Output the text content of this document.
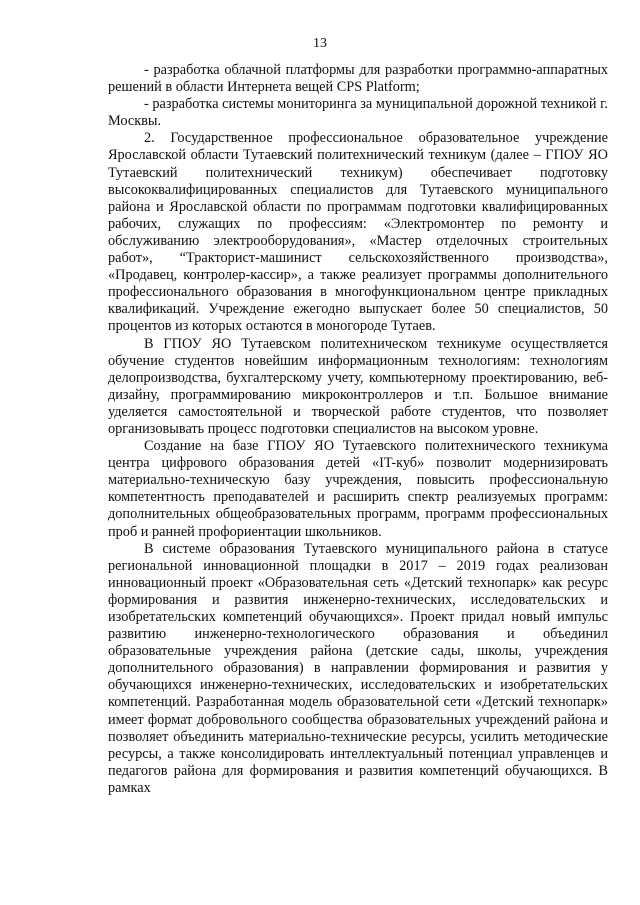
13

- разработка облачной платформы для разработки программно-аппаратных решений в области Интернета вещей CPS Platform;

- разработка системы мониторинга за муниципальной дорожной техникой г. Москвы.

2. Государственное профессиональное образовательное учреждение Ярославской области Тутаевский политехнический техникум (далее – ГПОУ ЯО Тутаевский политехнический техникум) обеспечивает подготовку высококвалифицированных специалистов для Тутаевского муниципального района и Ярославской области по программам подготовки квалифицированных рабочих, служащих по профессиям: «Электромонтер по ремонту и обслуживанию электрооборудования», «Мастер отделочных строительных работ», “Тракторист-машинист сельскохозяйственного производства», «Продавец, контролер-кассир», а также реализует программы дополнительного профессионального образования в многофункциональном центре прикладных квалификаций. Учреждение ежегодно выпускает более 50 специалистов, 50 процентов из которых остаются в моногороде Тутаев.

В ГПОУ ЯО Тутаевском политехническом техникуме осуществляется обучение студентов новейшим информационным технологиям: технологиям делопроизводства, бухгалтерскому учету, компьютерному проектированию, веб-дизайну, программированию микроконтроллеров и т.п. Большое внимание уделяется самостоятельной и творческой работе студентов, что позволяет организовывать процесс подготовки специалистов на высоком уровне.

Создание на базе ГПОУ ЯО Тутаевского политехнического техникума центра цифрового образования детей «IT-куб» позволит модернизировать материально-техническую базу учреждения, повысить профессиональную компетентность преподавателей и расширить спектр реализуемых программ: дополнительных общеобразовательных программ, программ профессиональных проб и ранней профориентации школьников.

В системе образования Тутаевского муниципального района в статусе региональной инновационной площадки в 2017 – 2019 годах реализован инновационный проект «Образовательная сеть «Детский технопарк» как ресурс формирования и развития инженерно-технических, исследовательских и изобретательских компетенций обучающихся». Проект придал новый импульс развитию инженерно-технологического образования и объединил образовательные учреждения района (детские сады, школы, учреждения дополнительного образования) в направлении формирования и развития у обучающихся инженерно-технических, исследовательских и изобретательских компетенций. Разработанная модель образовательной сети «Детский технопарк» имеет формат добровольного сообщества образовательных учреждений района и позволяет объединить материально-технические ресурсы, усилить методические ресурсы, а также консолидировать интеллектуальный потенциал управленцев и педагогов района для формирования и развития компетенций обучающихся. В рамках
